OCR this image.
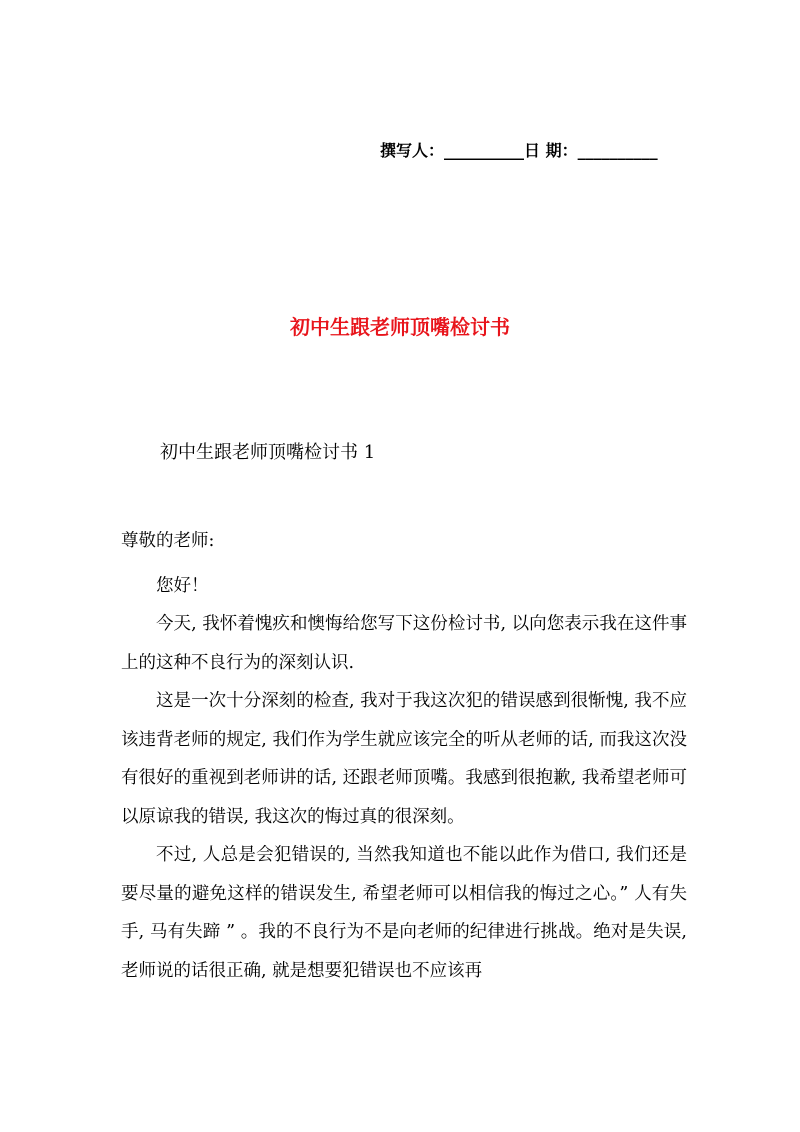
撰写人：__________日 期：__________
初中生跟老师顶嘴检讨书
初中生跟老师顶嘴检讨书 1

尊敬的老师:

您好！

今天, 我怀着愧疚和懊悔给您写下这份检讨书, 以向您表示我在这件事上的这种不良行为的深刻认识.

这是一次十分深刻的检查, 我对于我这次犯的错误感到很惭愧, 我不应该违背老师的规定, 我们作为学生就应该完全的听从老师的话, 而我这次没有很好的重视到老师讲的话, 还跟老师顶嘴。我感到很抱歉, 我希望老师可以原谅我的错误, 我这次的悔过真的很深刻。

不过, 人总是会犯错误的, 当然我知道也不能以此作为借口, 我们还是要尽量的避免这样的错误发生, 希望老师可以相信我的悔过之心。” 人有失手, 马有失蹄 ” 。我的不良行为不是向老师的纪律进行挑战。绝对是失误, 老师说的话很正确, 就是想要犯错误也不应该再
